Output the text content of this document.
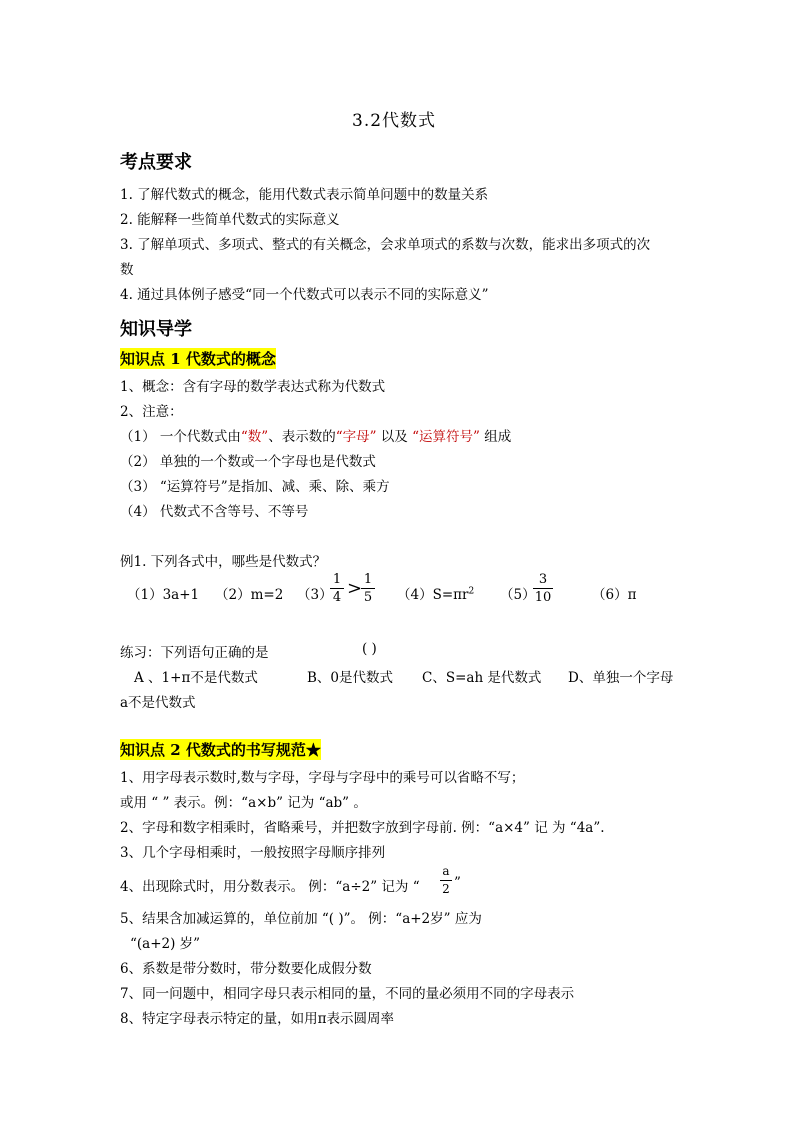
3.2代数式
考点要求
1. 了解代数式的概念，能用代数式表示简单问题中的数量关系
2. 能解释一些简单代数式的实际意义
3. 了解单项式、多项式、整式的有关概念，会求单项式的系数与次数，能求出多项式的次
数
4. 通过具体例子感受“同一个代数式可以表示不同的实际意义”
知识导学
知识点 1 代数式的概念
1、概念：含有字母的数学表达式称为代数式
2、注意：
（1） 一个代数式由“数”、表示数的“字母” 以及 “运算符号” 组成
（2） 单独的一个数或一个字母也是代数式
（3） “运算符号”是指加、减、乘、除、乘方
（4） 代数式不含等号、不等号
例1. 下列各式中，哪些是代数式？
（1）3a+1 （2）m=2 （3）
1
4 > 1
5 $(4)S=\pi r^2$ （5）
3
10	（6）π
练习：下列语句正确的是	( )
A 、1+π不是代数式	B、0是代数式 C、S=ah 是代数式 D、单独一个字母
a不是代数式
知识点 2 代数式的书写规范★
1、用字母表示数时,数与字母，字母与字母中的乘号可以省略不写；
或用 “ ” 表示。例：“a×b” 记为 “ab” 。
2、字母和数字相乘时，省略乘号，并把数字放到字母前. 例：“a×4” 记 为 “4a”.
3、几个字母相乘时，一般按照字母顺序排列
4、出现除式时，用分数表示。 例：“a÷2” 记为 “
a
2 ”
5、结果含加减运算的，单位前加 “( )”。 例：“a+2岁” 应为
“(a+2) 岁”
6、系数是带分数时，带分数要化成假分数
7、同一问题中，相同字母只表示相同的量，不同的量必须用不同的字母表示
8、特定字母表示特定的量，如用π表示圆周率
